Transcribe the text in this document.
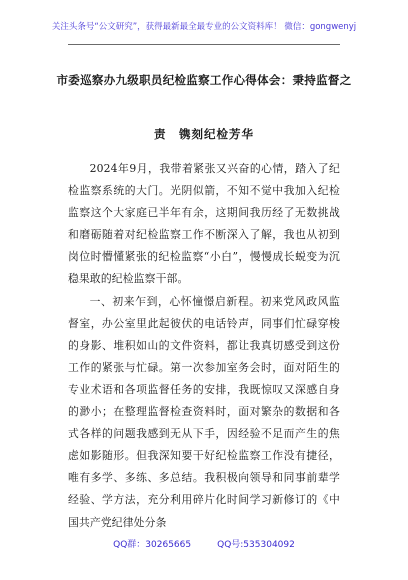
关注头条号“公文研究”，获得最新最全最专业的公文资料库！ 微信：gongwenyj
市委巡察办九级职员纪检监察工作心得体会：秉持监督之
责　镌刻纪检芳华

2024年9月，我带着紧张又兴奋的心情，踏入了纪检监察系统的大门。光阴似箭，不知不觉中我加入纪检监察这个大家庭已半年有余，这期间我历经了无数挑战和磨砺随着对纪检监察工作不断深入了解，我也从初到岗位时懵懂紧张的纪检监察“小白”，慢慢成长蜕变为沉稳果敢的纪检监察干部。

一、初来乍到，心怀憧憬启新程。初来党风政风监督室，办公室里此起彼伏的电话铃声，同事们忙碌穿梭的身影、堆积如山的文件资料，都让我真切感受到这份工作的紧张与忙碌。第一次参加室务会时，面对陌生的专业术语和各项监督任务的安排，我既惊叹又深感自身的渺小；在整理监督检查资料时，面对繁杂的数据和各式各样的问题我感到无从下手，因经验不足而产生的焦虑如影随形。但我深知要干好纪检监察工作没有捷径，唯有多学、多练、多总结。我积极向领导和同事前辈学经验、学方法，充分利用碎片化时间学习新修订的《中国共产党纪律处分条

QQ群：30265665	QQ号:535304092
